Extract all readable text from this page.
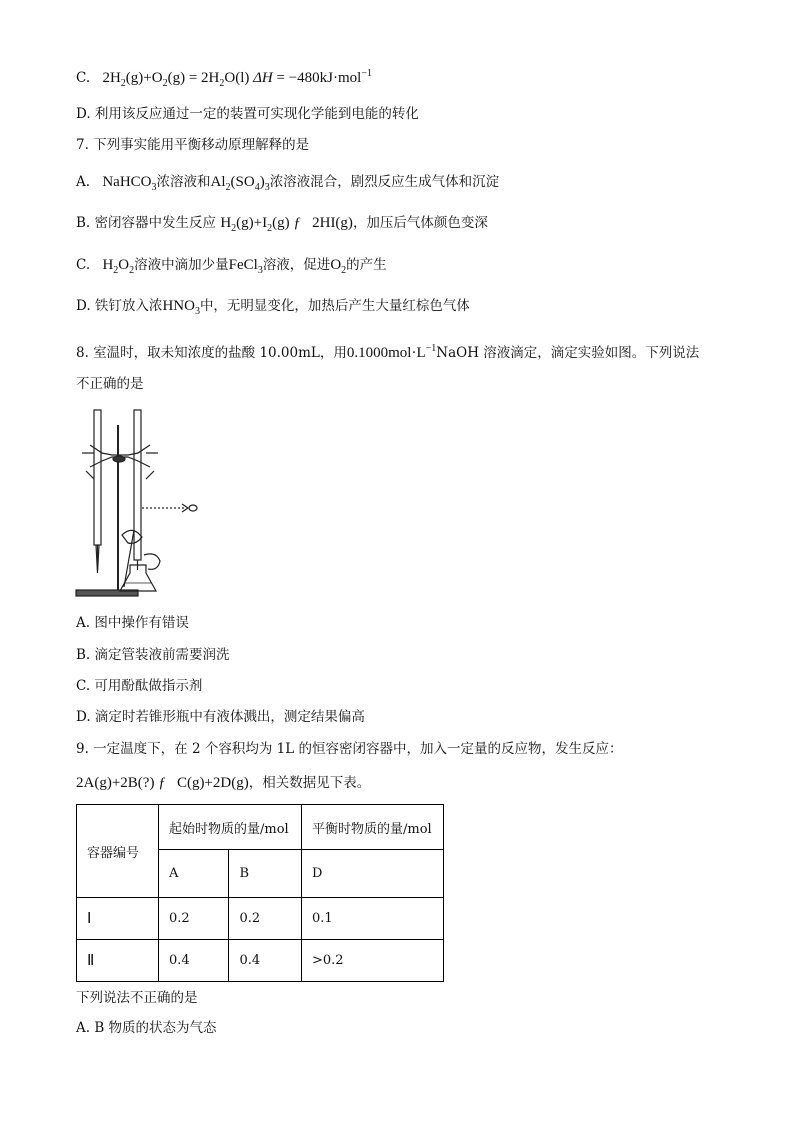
C. $2H_2(g)+O_2(g) = 2H_2O(l) \Delta H = -480kJ\cdot mol^{-1}$
D. 利用该反应通过一定的装置可实现化学能到电能的转化
7. 下列事实能用平衡移动原理解释的是
A. NaHCO$_3$浓溶液和$Al_2(SO_4)_3$浓溶液混合，剧烈反应生成气体和沉淀
B. 密闭容器中发生反应 $H_2(g)+I_2(g)$ ƒ   2HI(g)，加压后气体颜色变深
C. $H_2O_2$溶液中滴加少量FeCl$_3$溶液，促进$O_2$的产生
D. 铁钉放入浓$HNO_3$中，无明显变化，加热后产生大量红棕色气体
8. 室温时，取未知浓度的盐酸 10.00mL，用$0.1000mol\cdot L^{-1}NaOH$ 溶液滴定，滴定实验如图。下列说法
不正确的是
A. 图中操作有错误
B. 滴定管装液前需要润洗
C. 可用酚酞做指示剂
D. 滴定时若锥形瓶中有液体溅出，测定结果偏高
9. 一定温度下，在 2 个容积均为 1L 的恒容密闭容器中，加入一定量的反应物，发生反应：
2A(g)+2B(?) ƒ   C(g)+2D(g)，相关数据见下表。
容器编号	起始时物质的量/mol		平衡时物质的量/mol
	A	B	D
Ⅰ	0.2	0.2	0.1
Ⅱ	0.4	0.4	>0.2
下列说法不正确的是
A. B 物质的状态为气态
